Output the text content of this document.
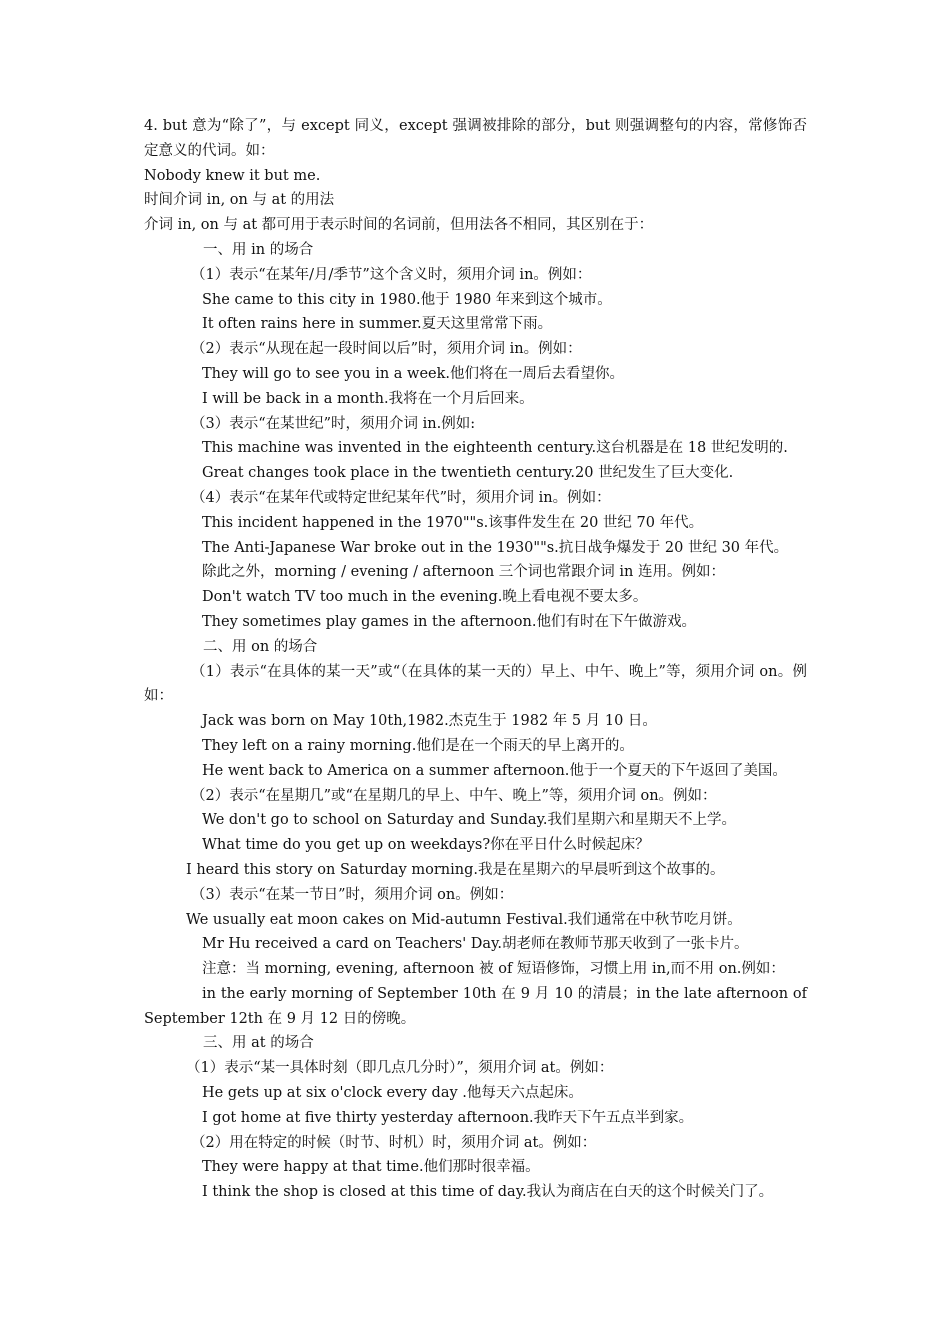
4. but 意为“除了”，与 except 同义，except 强调被排除的部分，but 则强调整句的内容，常修饰否定意义的代词。如：
Nobody knew it but me.
时间介词 in, on 与 at 的用法
介词 in, on 与 at 都可用于表示时间的名词前，但用法各不相同，其区别在于：
一、用 in 的场合
（1）表示“在某年/月/季节”这个含义时，须用介词 in。例如：
She came to this city in 1980.他于 1980 年来到这个城市。
It often rains here in summer.夏天这里常常下雨。
（2）表示“从现在起一段时间以后”时，须用介词 in。例如：
They will go to see you in a week.他们将在一周后去看望你。
I will be back in a month.我将在一个月后回来。
（3）表示“在某世纪”时，须用介词 in.例如:
This machine was invented in the eighteenth century.这台机器是在 18 世纪发明的.
Great changes took place in the twentieth century.20 世纪发生了巨大变化.
（4）表示“在某年代或特定世纪某年代”时，须用介词 in。例如：
This incident happened in the 1970""s.该事件发生在 20 世纪 70 年代。
The Anti-Japanese War broke out in the 1930""s.抗日战争爆发于 20 世纪 30 年代。
除此之外，morning / evening / afternoon 三个词也常跟介词 in 连用。例如：
Don't watch TV too much in the evening.晚上看电视不要太多。
They sometimes play games in the afternoon.他们有时在下午做游戏。
二、用 on 的场合
（1）表示“在具体的某一天”或“（在具体的某一天的）早上、中午、晚上”等，须用介词 on。例如：
Jack was born on May 10th,1982.杰克生于 1982 年 5 月 10 日。
They left on a rainy morning.他们是在一个雨天的早上离开的。
He went back to America on a summer afternoon.他于一个夏天的下午返回了美国。
（2）表示“在星期几”或“在星期几的早上、中午、晚上”等，须用介词 on。例如：
We don't go to school on Saturday and Sunday.我们星期六和星期天不上学。
What time do you get up on weekdays?你在平日什么时候起床？
I heard this story on Saturday morning.我是在星期六的早晨听到这个故事的。
（3）表示“在某一节日”时，须用介词 on。例如：
We usually eat moon cakes on Mid-autumn Festival.我们通常在中秋节吃月饼。
Mr Hu received a card on Teachers' Day.胡老师在教师节那天收到了一张卡片。
注意：当 morning, evening, afternoon 被 of 短语修饰，习惯上用 in,而不用 on.例如：
in the early morning of September 10th 在 9 月 10 的清晨；in the late afternoon of September 12th 在 9 月 12 日的傍晚。
三、用 at 的场合
（1）表示“某一具体时刻（即几点几分时）”，须用介词 at。例如：
He gets up at six o'clock every day .他每天六点起床。
I got home at five thirty yesterday afternoon.我昨天下午五点半到家。
（2）用在特定的时候（时节、时机）时，须用介词 at。例如：
They were happy at that time.他们那时很幸福。
I think the shop is closed at this time of day.我认为商店在白天的这个时候关门了。
